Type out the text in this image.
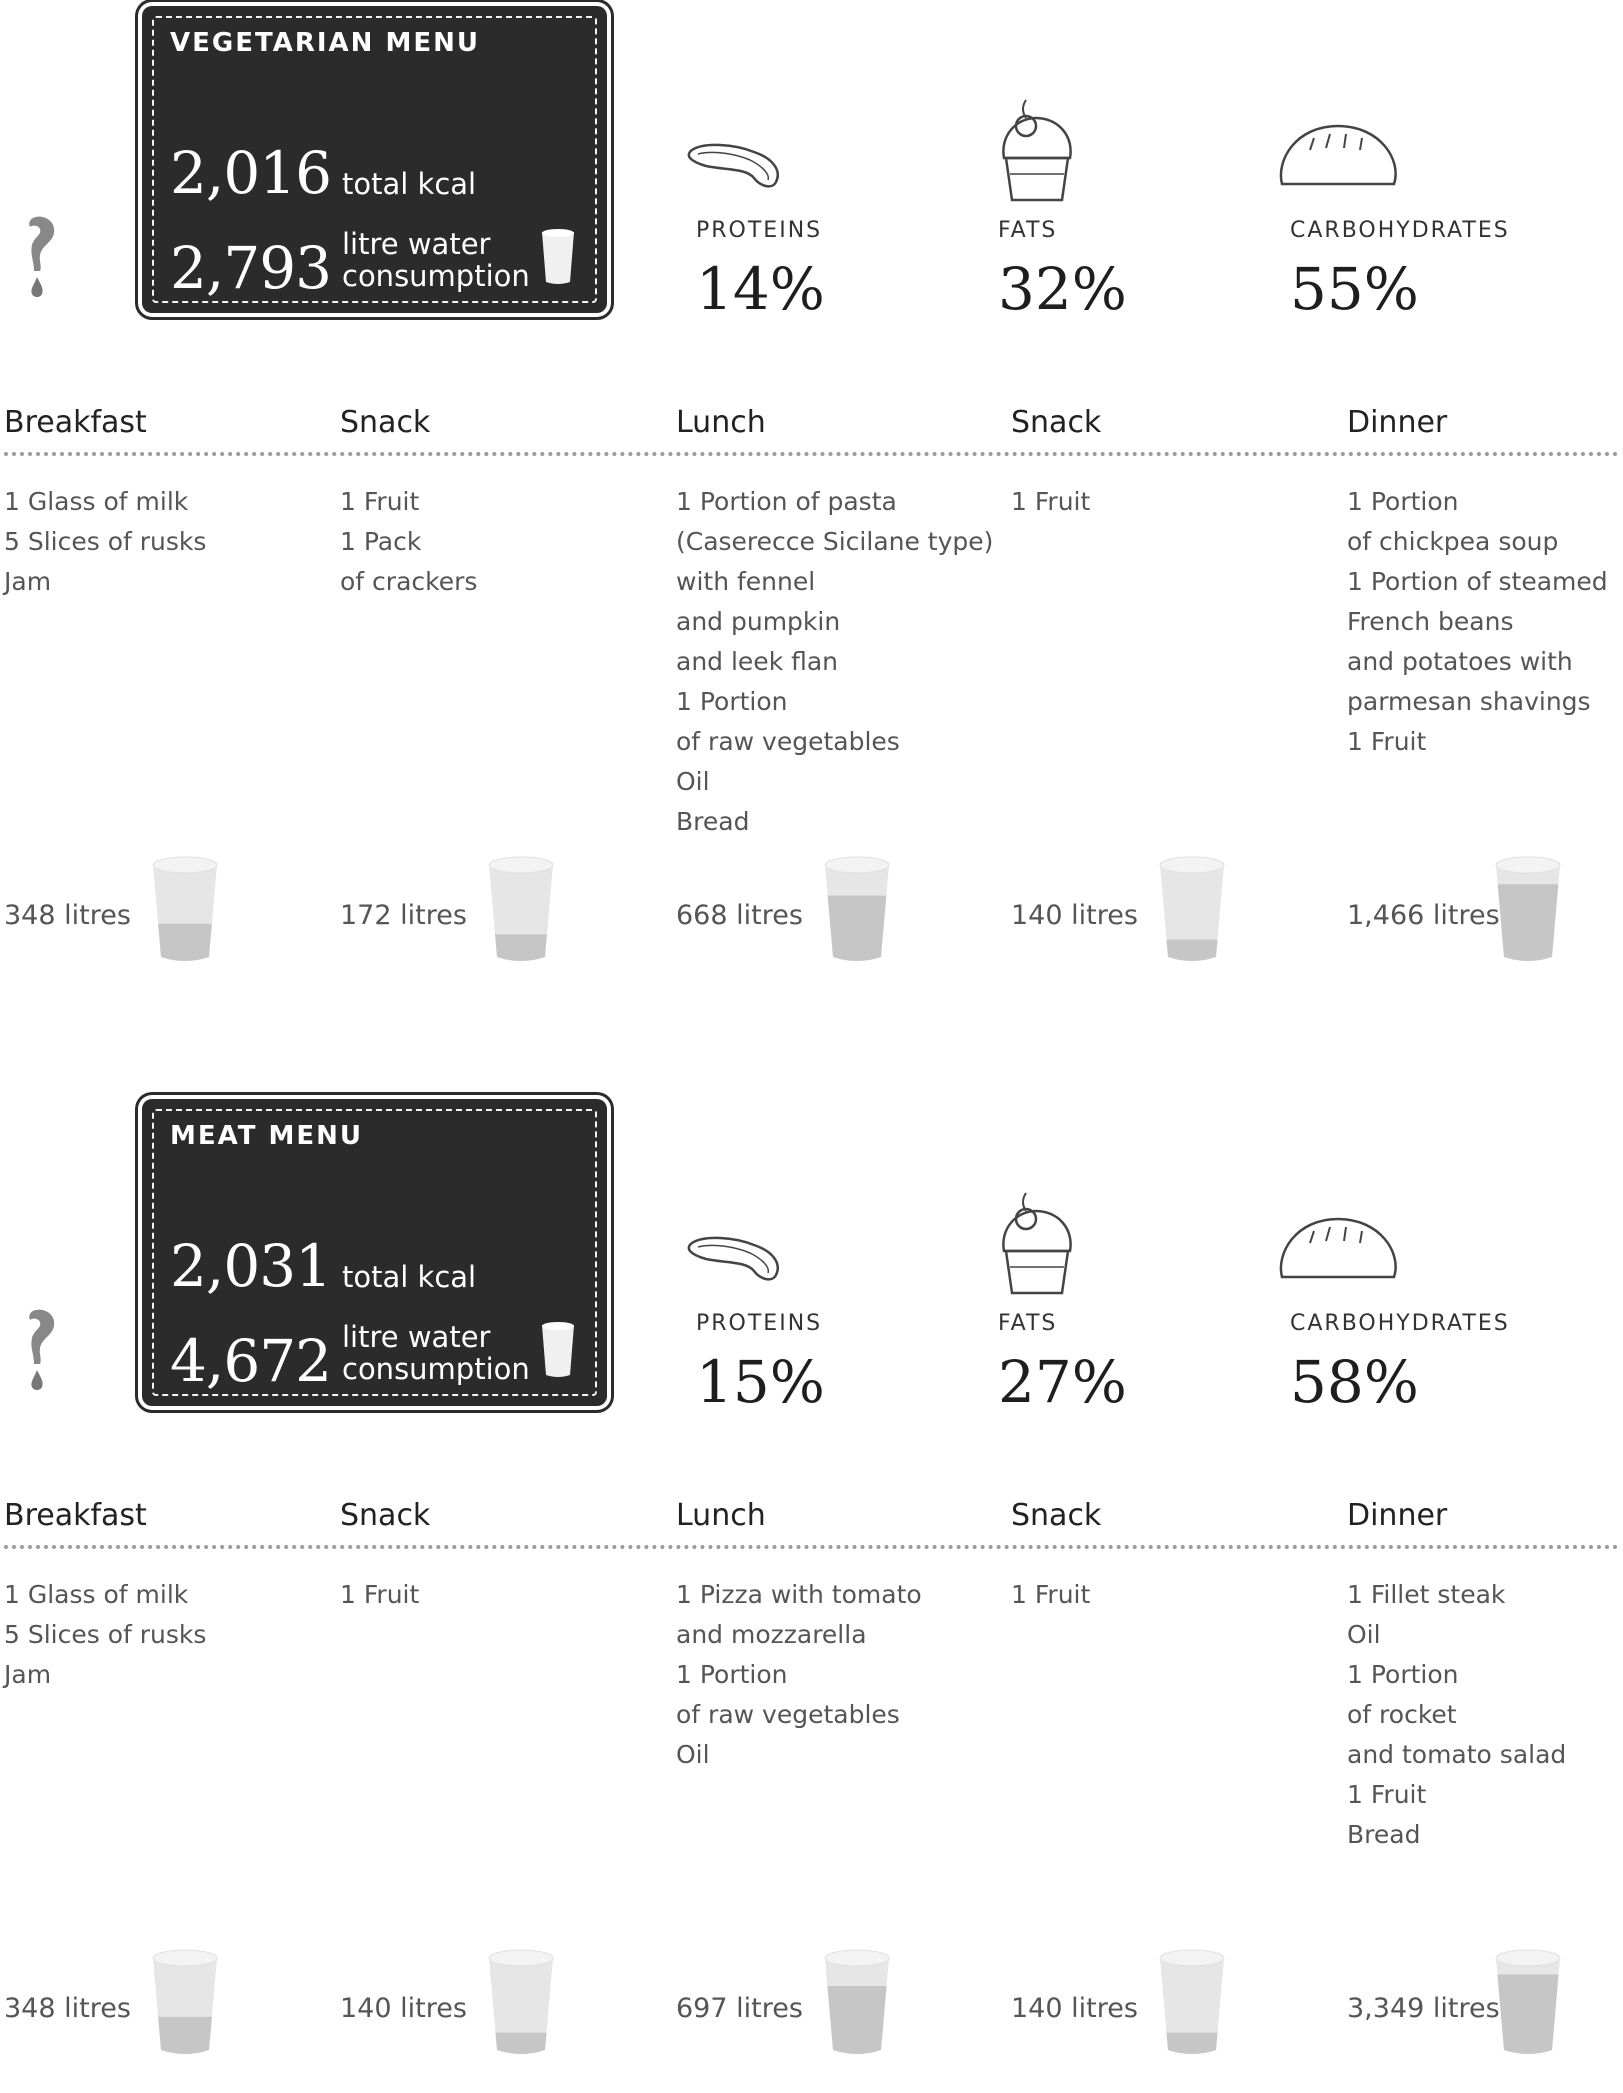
VEGETARIAN MENU
2,016 total kcal
2,793 litre water consumption
PROTEINS
14%
FATS
32%
CARBOHYDRATES
55%
Breakfast
1 Glass of milk
5 Slices of rusks
Jam
348 litres
Snack
1 Fruit
1 Pack
of crackers
172 litres
Lunch
1 Portion of pasta
(Caserecce Sicilane type)
with fennel
and pumpkin
and leek flan
1 Portion
of raw vegetables
Oil
Bread
668 litres
Snack
1 Fruit
140 litres
Dinner
1 Portion
of chickpea soup
1 Portion of steamed
French beans
and potatoes with
parmesan shavings
1 Fruit
1,466 litres
MEAT MENU
2,031 total kcal
4,672 litre water consumption
PROTEINS
15%
FATS
27%
CARBOHYDRATES
58%
Breakfast
1 Glass of milk
5 Slices of rusks
Jam
348 litres
Snack
1 Fruit
140 litres
Lunch
1 Pizza with tomato
and mozzarella
1 Portion
of raw vegetables
Oil
697 litres
Snack
1 Fruit
140 litres
Dinner
1 Fillet steak
Oil
1 Portion
of rocket
and tomato salad
1 Fruit
Bread
3,349 litres
